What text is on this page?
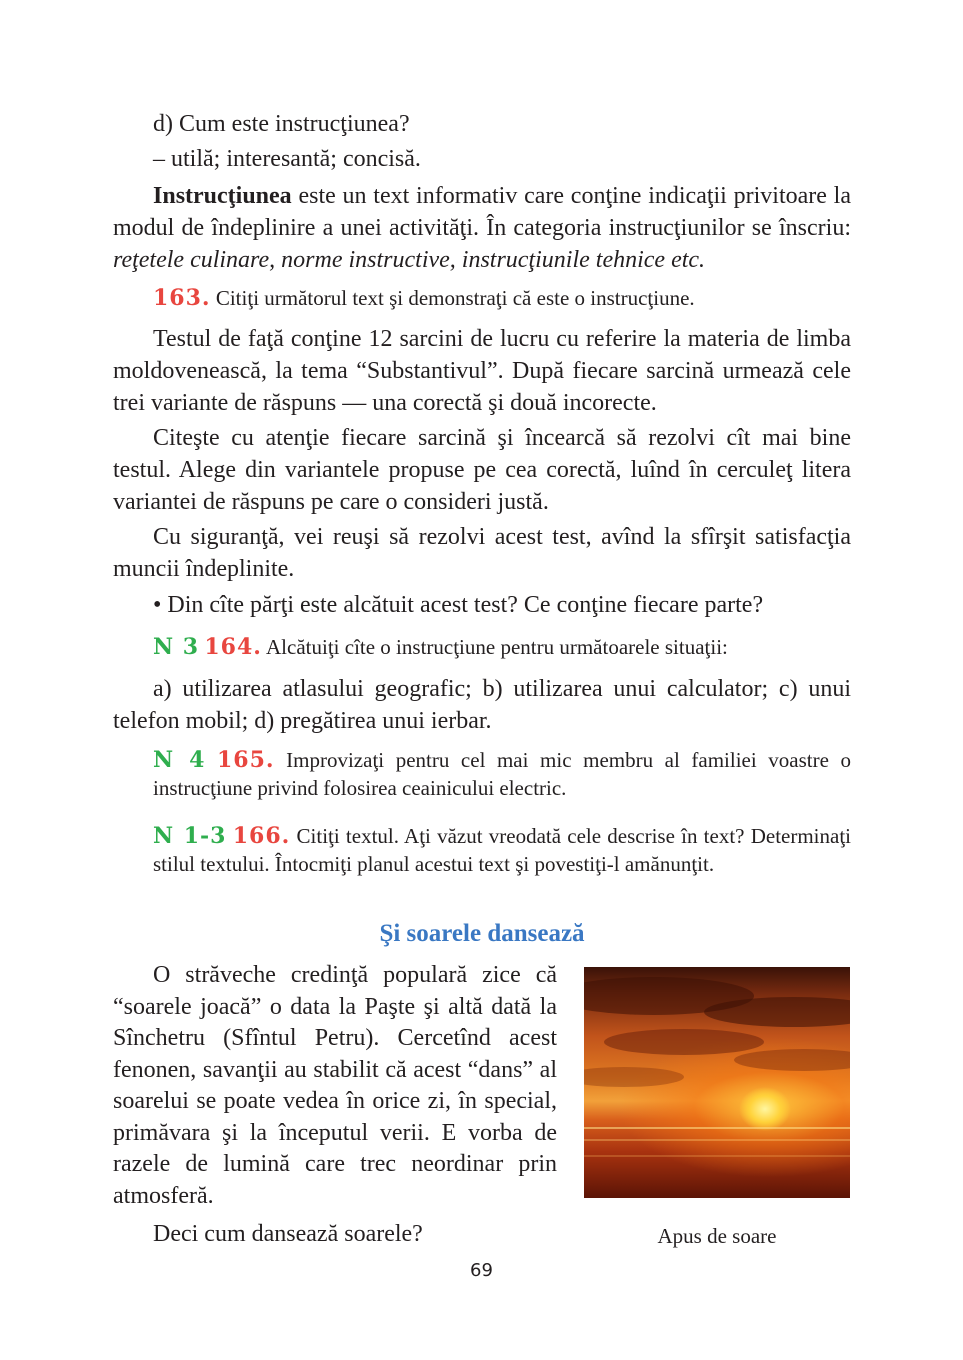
d) Cum este instrucţiunea?

– utilă; interesantă; concisă.

Instrucţiunea este un text informativ care conţine indicaţii privitoare la modul de îndeplinire a unei activităţi. În categoria instrucţiunilor se înscriu: reţetele culinare, norme instructive, instrucţiunile tehnice etc.

163. Citiţi următorul text şi demonstraţi că este o instrucţiune.

Testul de faţă conţine 12 sarcini de lucru cu referire la materia de limba moldovenească, la tema “Substantivul”. După fiecare sarcină urmează cele trei variante de răspuns — una corectă şi două incorecte.

Citeşte cu atenţie fiecare sarcină şi încearcă să rezolvi cît mai bine testul. Alege din variantele propuse pe cea corectă, luînd în cerculeţ litera variantei de răspuns pe care o consideri justă.

Cu siguranţă, vei reuşi să rezolvi acest test, avînd la sfîrşit satisfacţia muncii îndeplinite.

• Din cîte părţi este alcătuit acest test? Ce conţine fiecare parte?

N 3 164. Alcătuiţi cîte o instrucţiune pentru următoarele situaţii:

a) utilizarea atlasului geografic; b) utilizarea unui calculator; c) unui telefon mobil; d) pregătirea unui ierbar.

N 4 165. Improvizaţi pentru cel mai mic membru al familiei voastre o instrucţiune privind folosirea ceainicului electric.

N 1-3 166. Citiţi textul. Aţi văzut vreodată cele descrise în text? Determinaţi stilul textului. Întocmiţi planul acestui text şi povestiţi-l amănunţit.

Şi soarele dansează

O străveche credinţă populară zice că “soarele joacă” o data la Paşte şi altă dată la Sînchetru (Sfîntul Petru). Cercetînd acest fenonen, savanţii au stabilit că acest “dans” al soarelui se poate vedea în orice zi, în special, primăvara şi la începutul verii. E vorba de razele de lumină care trec neordinar prin atmosferă.

Deci cum dansează soarele?	Apus de soare
69
